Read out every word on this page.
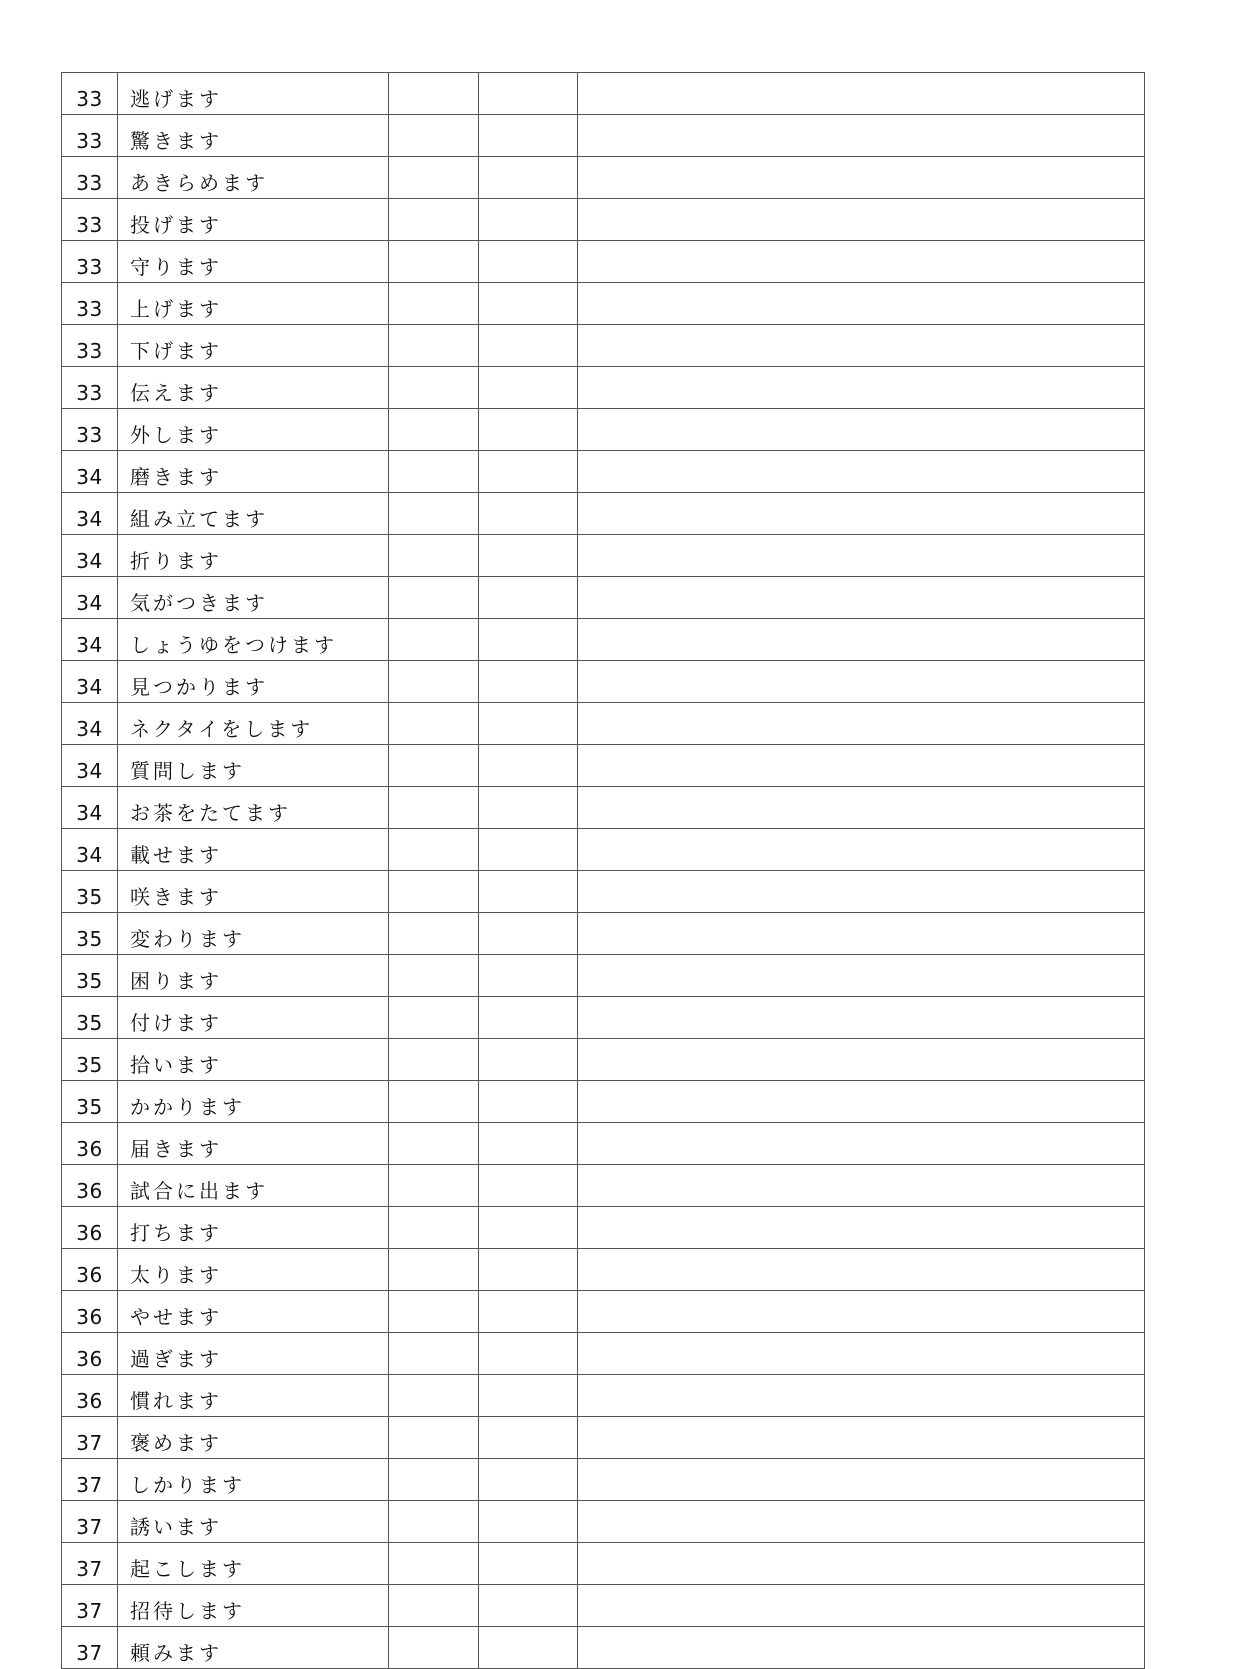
33	逃げます			
33	驚きます			
33	あきらめます			
33	投げます			
33	守ります			
33	上げます			
33	下げます			
33	伝えます			
33	外します			
34	磨きます			
34	組み立てます			
34	折ります			
34	気がつきます			
34	しょうゆをつけます			
34	見つかります			
34	ネクタイをします			
34	質問します			
34	お茶をたてます			
34	載せます			
35	咲きます			
35	変わります			
35	困ります			
35	付けます			
35	拾います			
35	かかります			
36	届きます			
36	試合に出ます			
36	打ちます			
36	太ります			
36	やせます			
36	過ぎます			
36	慣れます			
37	褒めます			
37	しかります			
37	誘います			
37	起こします			
37	招待します			
37	頼みます			
